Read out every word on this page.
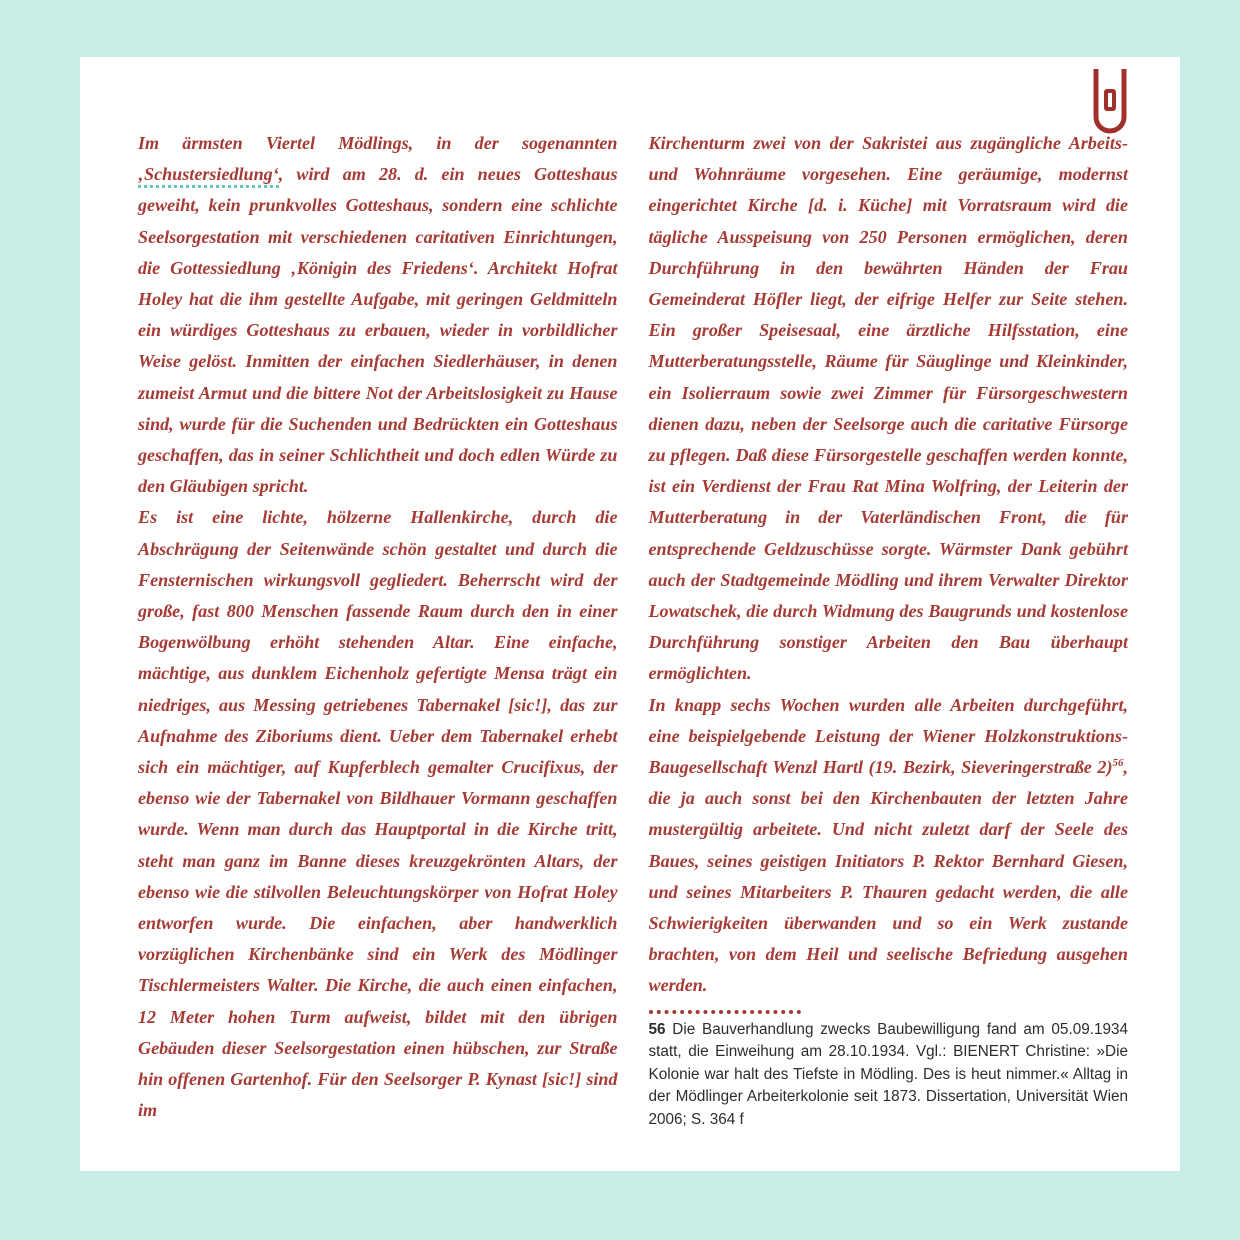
Im ärmsten Viertel Mödlings, in der sogenannten ‚Schustersiedlung‘, wird am 28. d. ein neues Gotteshaus geweiht, kein prunkvolles Gotteshaus, sondern eine schlichte Seelsorgestation mit verschiedenen caritativen Einrichtungen, die Gottessiedlung ‚Königin des Friedens‘. Architekt Hofrat Holey hat die ihm gestellte Aufgabe, mit geringen Geldmitteln ein würdiges Gotteshaus zu erbauen, wieder in vorbildlicher Weise gelöst. Inmitten der einfachen Siedlerhäuser, in denen zumeist Armut und die bittere Not der Arbeitslosigkeit zu Hause sind, wurde für die Suchenden und Bedrückten ein Gotteshaus geschaffen, das in seiner Schlichtheit und doch edlen Würde zu den Gläubigen spricht.

Es ist eine lichte, hölzerne Hallenkirche, durch die Abschrägung der Seitenwände schön gestaltet und durch die Fensternischen wirkungsvoll gegliedert. Beherrscht wird der große, fast 800 Menschen fassende Raum durch den in einer Bogenwölbung erhöht stehenden Altar. Eine einfache, mächtige, aus dunklem Eichenholz gefertigte Mensa trägt ein niedriges, aus Messing getriebenes Tabernakel [sic!], das zur Aufnahme des Ziboriums dient. Ueber dem Tabernakel erhebt sich ein mächtiger, auf Kupferblech gemalter Crucifixus, der ebenso wie der Tabernakel von Bildhauer Vormann geschaffen wurde. Wenn man durch das Hauptportal in die Kirche tritt, steht man ganz im Banne dieses kreuzgekrönten Altars, der ebenso wie die stilvollen Beleuchtungskörper von Hofrat Holey entworfen wurde. Die einfachen, aber handwerklich vorzüglichen Kirchenbänke sind ein Werk des Mödlinger Tischlermeisters Walter. Die Kirche, die auch einen einfachen, 12 Meter hohen Turm aufweist, bildet mit den übrigen Gebäuden dieser Seelsorgestation einen hübschen, zur Straße hin offenen Gartenhof. Für den Seelsorger P. Kynast [sic!] sind im

Kirchenturm zwei von der Sakristei aus zugängliche Arbeits- und Wohnräume vorgesehen. Eine geräumige, modernst eingerichtet Kirche [d. i. Küche] mit Vorratsraum wird die tägliche Ausspeisung von 250 Personen ermöglichen, deren Durchführung in den bewährten Händen der Frau Gemeinderat Höfler liegt, der eifrige Helfer zur Seite stehen. Ein großer Speisesaal, eine ärztliche Hilfsstation, eine Mutterberatungsstelle, Räume für Säuglinge und Kleinkinder, ein Isolierraum sowie zwei Zimmer für Fürsorgeschwestern dienen dazu, neben der Seelsorge auch die caritative Fürsorge zu pflegen. Daß diese Fürsorgestelle geschaffen werden konnte, ist ein Verdienst der Frau Rat Mina Wolfring, der Leiterin der Mutterberatung in der Vaterländischen Front, die für entsprechende Geldzuschüsse sorgte. Wärmster Dank gebührt auch der Stadtgemeinde Mödling und ihrem Verwalter Direktor Lowatschek, die durch Widmung des Baugrunds und kostenlose Durchführung sonstiger Arbeiten den Bau überhaupt ermöglichten.

In knapp sechs Wochen wurden alle Arbeiten durchgeführt, eine beispielgebende Leistung der Wiener Holzkonstruktions-Baugesellschaft Wenzl Hartl (19. Bezirk, Sieveringerstraße 2)$^{56}$, die ja auch sonst bei den Kirchenbauten der letzten Jahre mustergültig arbeitete. Und nicht zuletzt darf der Seele des Baues, seines geistigen Initiators P. Rektor Bernhard Giesen, und seines Mitarbeiters P. Thauren gedacht werden, die alle Schwierigkeiten überwanden und so ein Werk zustande brachten, von dem Heil und seelische Befriedung ausgehen werden.

56 Die Bauverhandlung zwecks Baubewilligung fand am 05.09.1934 statt, die Einweihung am 28.10.1934. Vgl.: BIENERT Christine: »Die Kolonie war halt des Tiefste in Mödling. Des is heut nimmer.« Alltag in der Mödlinger Arbeiterkolonie seit 1873. Dissertation, Universität Wien 2006; S. 364 f
